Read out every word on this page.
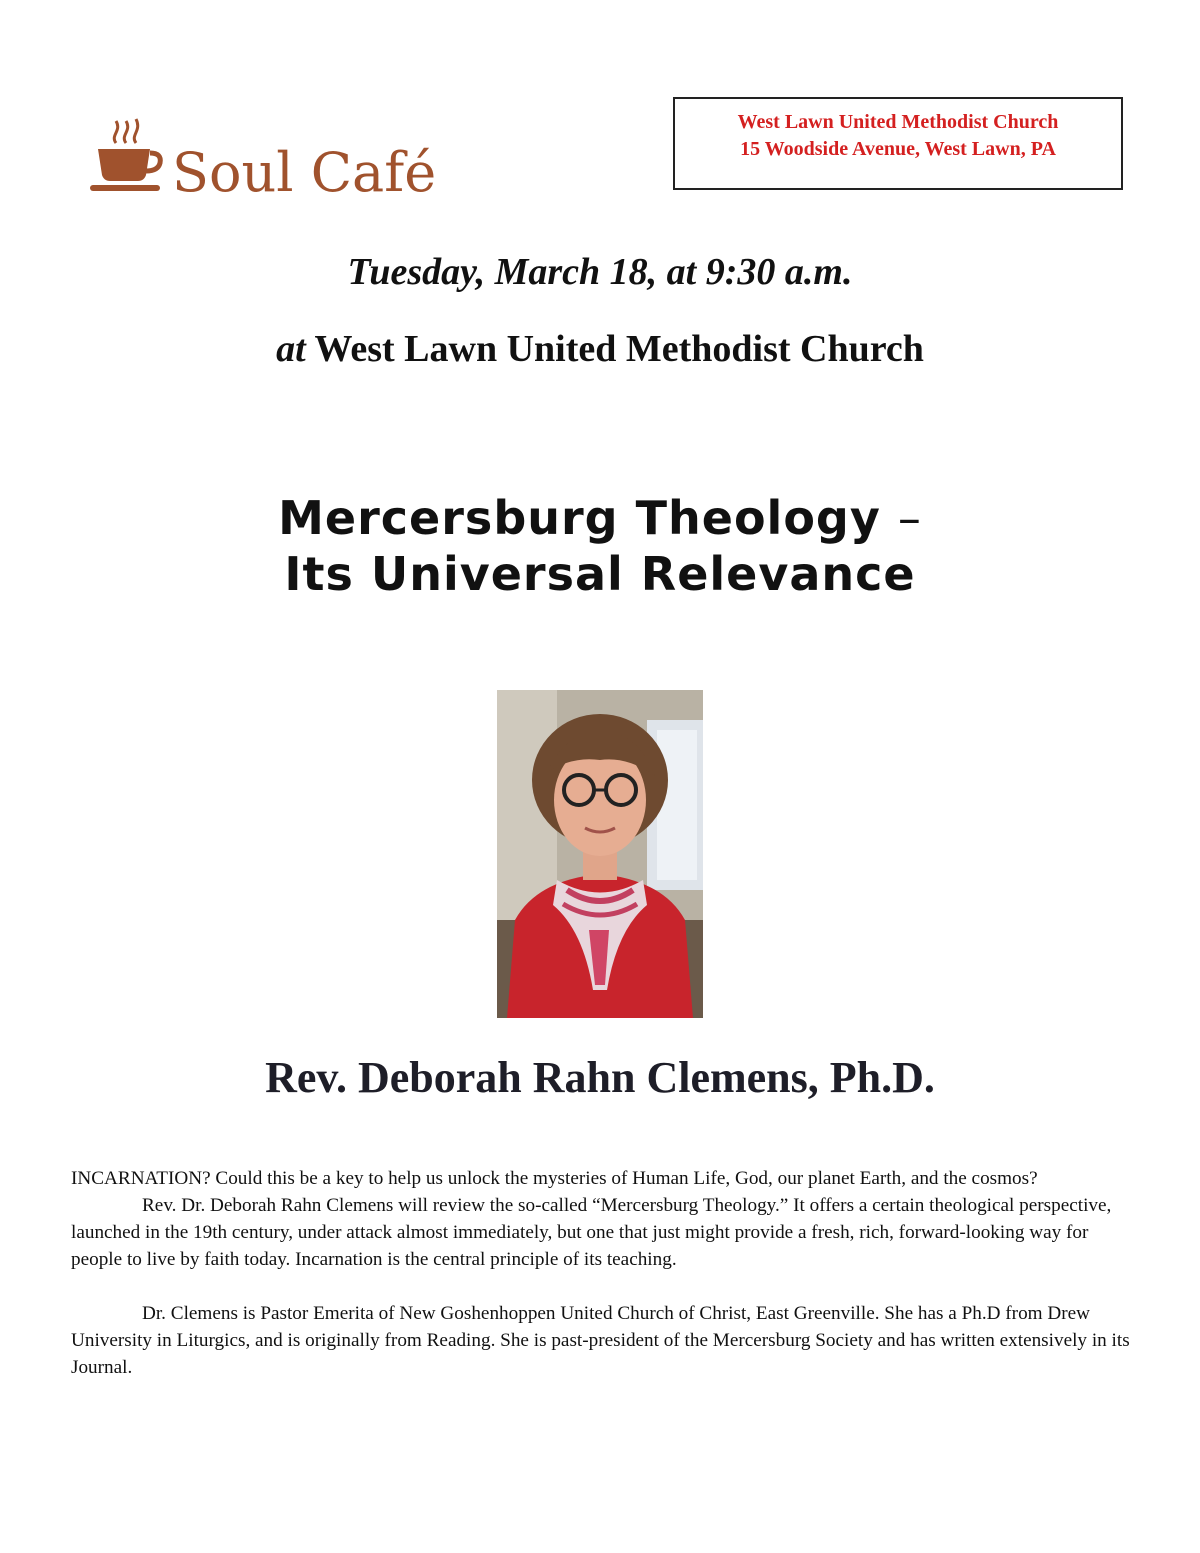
Soul Café
West Lawn United Methodist Church
15 Woodside Avenue, West Lawn, PA
Tuesday, March 18, at 9:30 a.m.
at West Lawn United Methodist Church
Mercersburg Theology –
Its Universal Relevance
Rev. Deborah Rahn Clemens, Ph.D.

INCARNATION? Could this be a key to help us unlock the mysteries of Human Life, God, our planet Earth, and the cosmos?

Rev. Dr. Deborah Rahn Clemens will review the so-called “Mercersburg Theology.” It offers a certain theological perspective, launched in the 19th century, under attack almost immediately, but one that just might provide a fresh, rich, forward-looking way for people to live by faith today. Incarnation is the central principle of its teaching.

Dr. Clemens is Pastor Emerita of New Goshenhoppen United Church of Christ, East Greenville. She has a Ph.D from Drew University in Liturgics, and is originally from Reading. She is past-president of the Mercersburg Society and has written extensively in its Journal.
